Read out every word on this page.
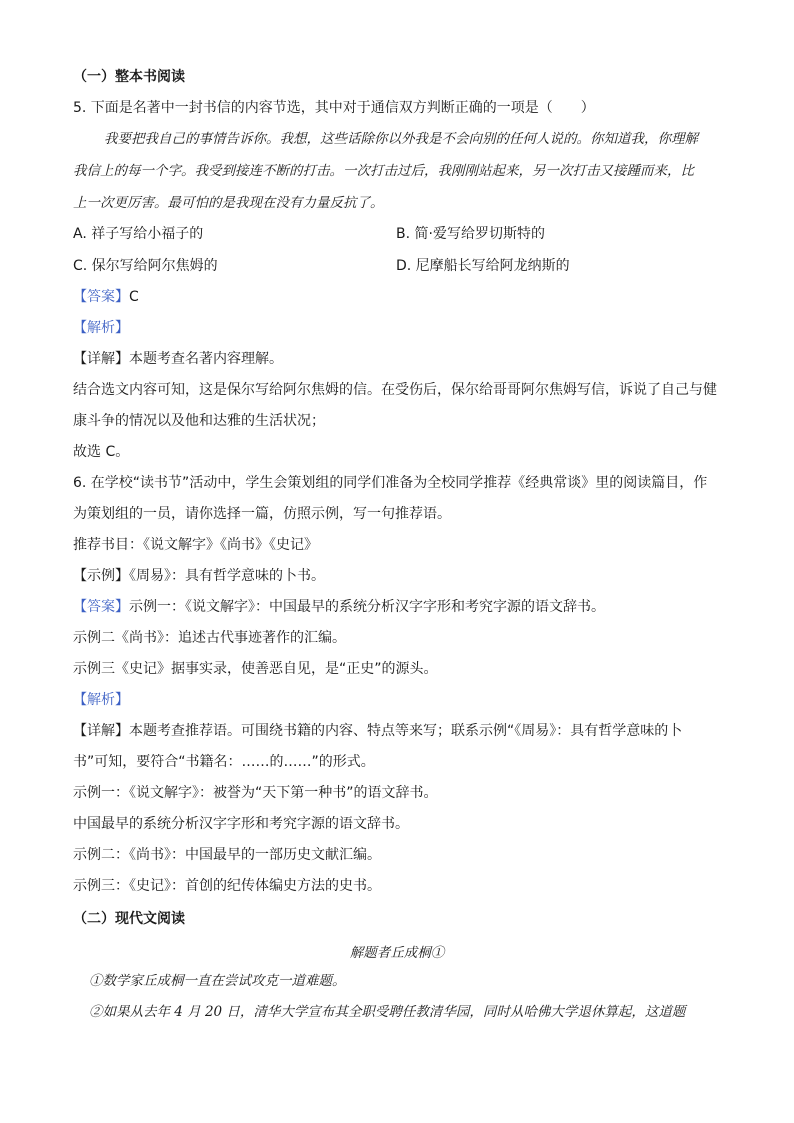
（一）整本书阅读
5. 下面是名著中一封书信的内容节选，其中对于通信双方判断正确的一项是（　　）
我要把我自己的事情告诉你。我想，这些话除你以外我是不会向别的任何人说的。你知道我，你理解
我信上的每一个字。我受到接连不断的打击。一次打击过后，我刚刚站起来，另一次打击又接踵而来，比
上一次更厉害。最可怕的是我现在没有力量反抗了。
A. 祥子写给小福子的	B. 简·爱写给罗切斯特的
C. 保尔写给阿尔焦姆的	D. 尼摩船长写给阿龙纳斯的
【答案】C
【解析】
【详解】本题考查名著内容理解。
结合选文内容可知，这是保尔写给阿尔焦姆的信。在受伤后，保尔给哥哥阿尔焦姆写信，诉说了自己与健
康斗争的情况以及他和达雅的生活状况；
故选 C。
6. 在学校“读书节”活动中，学生会策划组的同学们准备为全校同学推荐《经典常谈》里的阅读篇目，作
为策划组的一员，请你选择一篇，仿照示例，写一句推荐语。
推荐书目：《说文解字》《尚书》《史记》
【示例】《周易》：具有哲学意味的卜书。
【答案】示例一：《说文解字》：中国最早的系统分析汉字字形和考究字源的语文辞书。
示例二《尚书》：追述古代事迹著作的汇编。
示例三《史记》据事实录，使善恶自见，是“正史”的源头。
【解析】
【详解】本题考查推荐语。可围绕书籍的内容、特点等来写；联系示例“《周易》：具有哲学意味的卜
书”可知，要符合“书籍名：……的……”的形式。
示例一：《说文解字》：被誉为“天下第一种书”的语文辞书。
中国最早的系统分析汉字字形和考究字源的语文辞书。
示例二：《尚书》：中国最早的一部历史文献汇编。
示例三：《史记》：首创的纪传体编史方法的史书。
（二）现代文阅读
解题者丘成桐①
①数学家丘成桐一直在尝试攻克一道难题。
②如果从去年 4 月 20 日，清华大学宣布其全职受聘任教清华园，同时从哈佛大学退休算起，这道题
